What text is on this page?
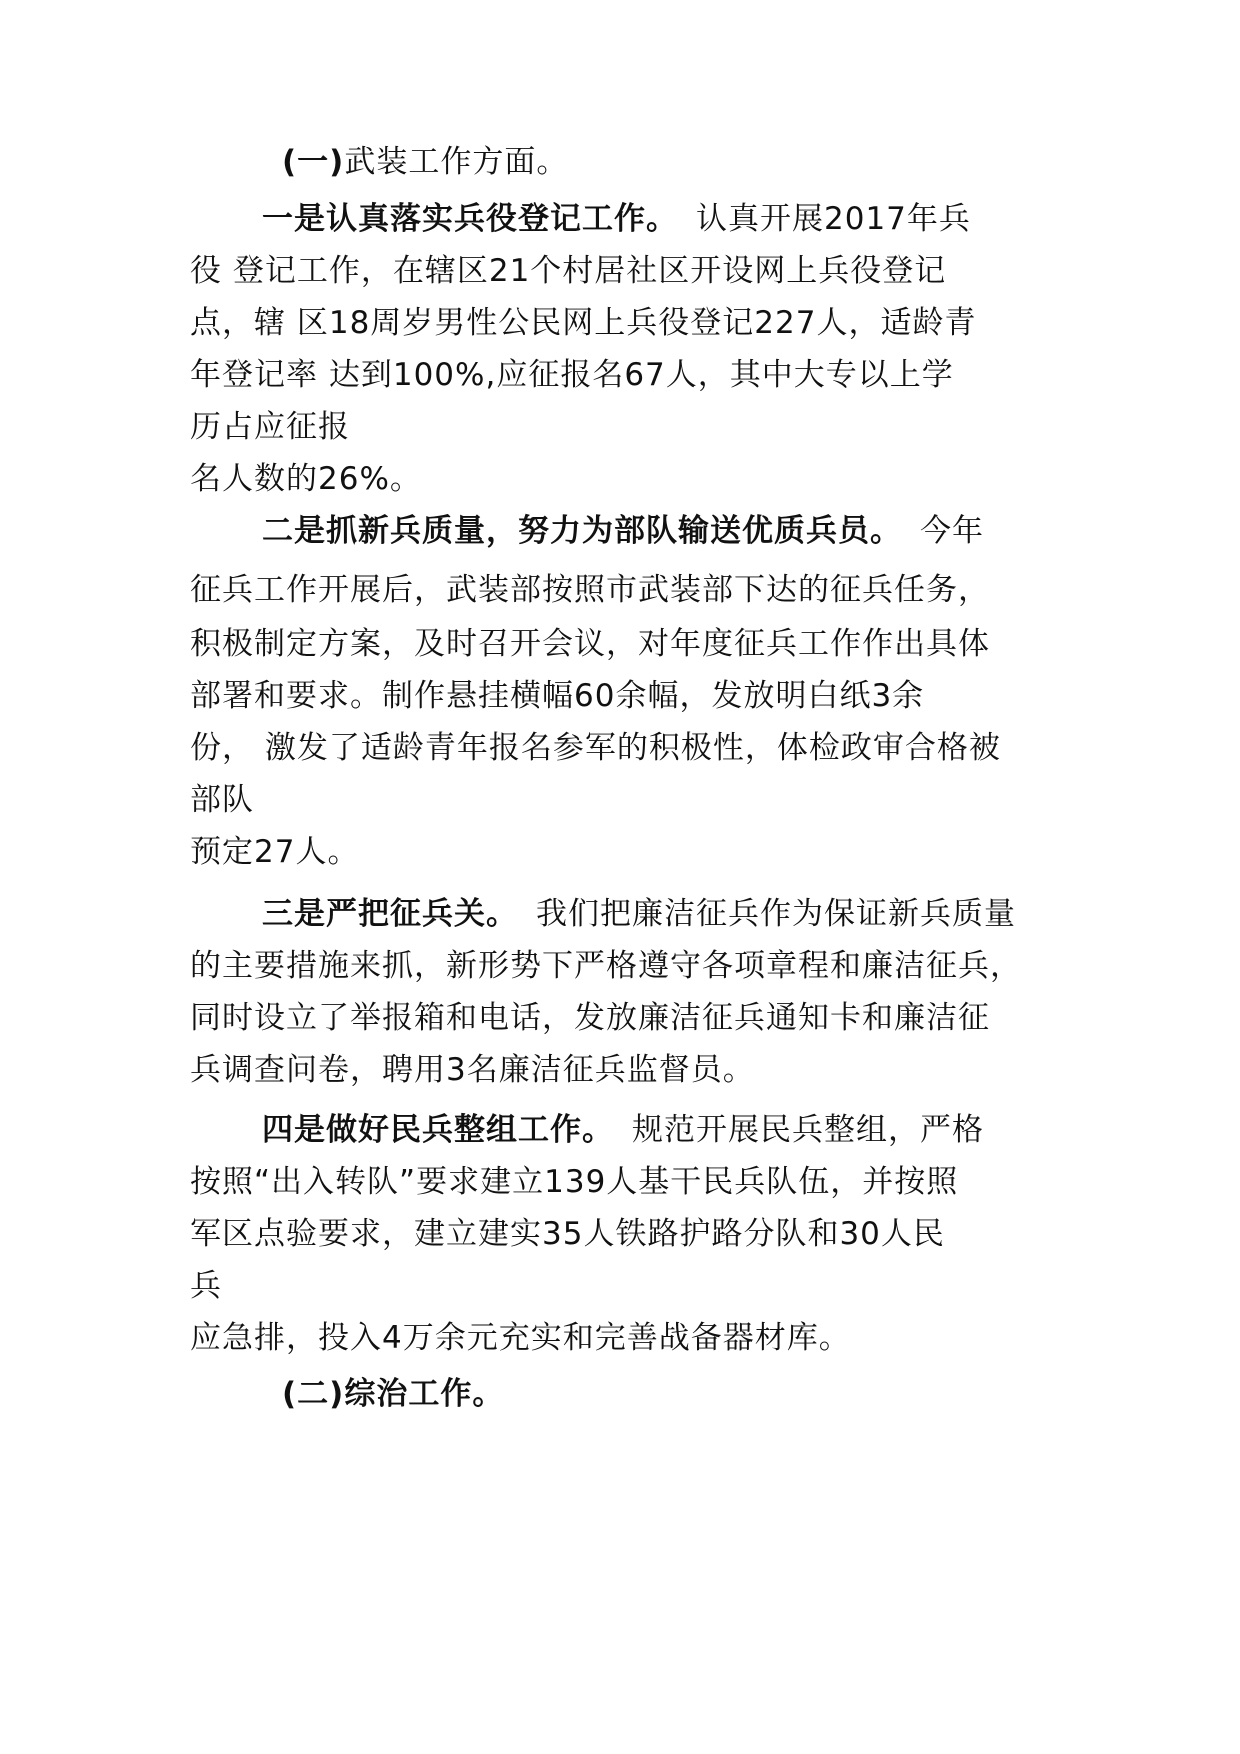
(一)武装工作方面。
一是认真落实兵役登记工作。 认真开展2017年兵
役 登记工作，在辖区21个村居社区开设网上兵役登记
点，辖 区18周岁男性公民网上兵役登记227人，适龄青
年登记率 达到100%,应征报名67人，其中大专以上学
历占应征报
名人数的26%。
二是抓新兵质量，努力为部队输送优质兵员。 今年
征兵工作开展后，武装部按照市武装部下达的征兵任务，
积极制定方案，及时召开会议，对年度征兵工作作出具体
部署和要求。制作悬挂横幅60余幅，发放明白纸3余
份， 激发了适龄青年报名参军的积极性，体检政审合格被
部队
预定27人。
三是严把征兵关。 我们把廉洁征兵作为保证新兵质量
的主要措施来抓，新形势下严格遵守各项章程和廉洁征兵，
同时设立了举报箱和电话，发放廉洁征兵通知卡和廉洁征
兵调查问卷，聘用3名廉洁征兵监督员。
四是做好民兵整组工作。 规范开展民兵整组，严格
按照“出入转队”要求建立139人基干民兵队伍，并按照
军区点验要求，建立建实35人铁路护路分队和30人民
兵
应急排，投入4万余元充实和完善战备器材库。
(二)综治工作。
